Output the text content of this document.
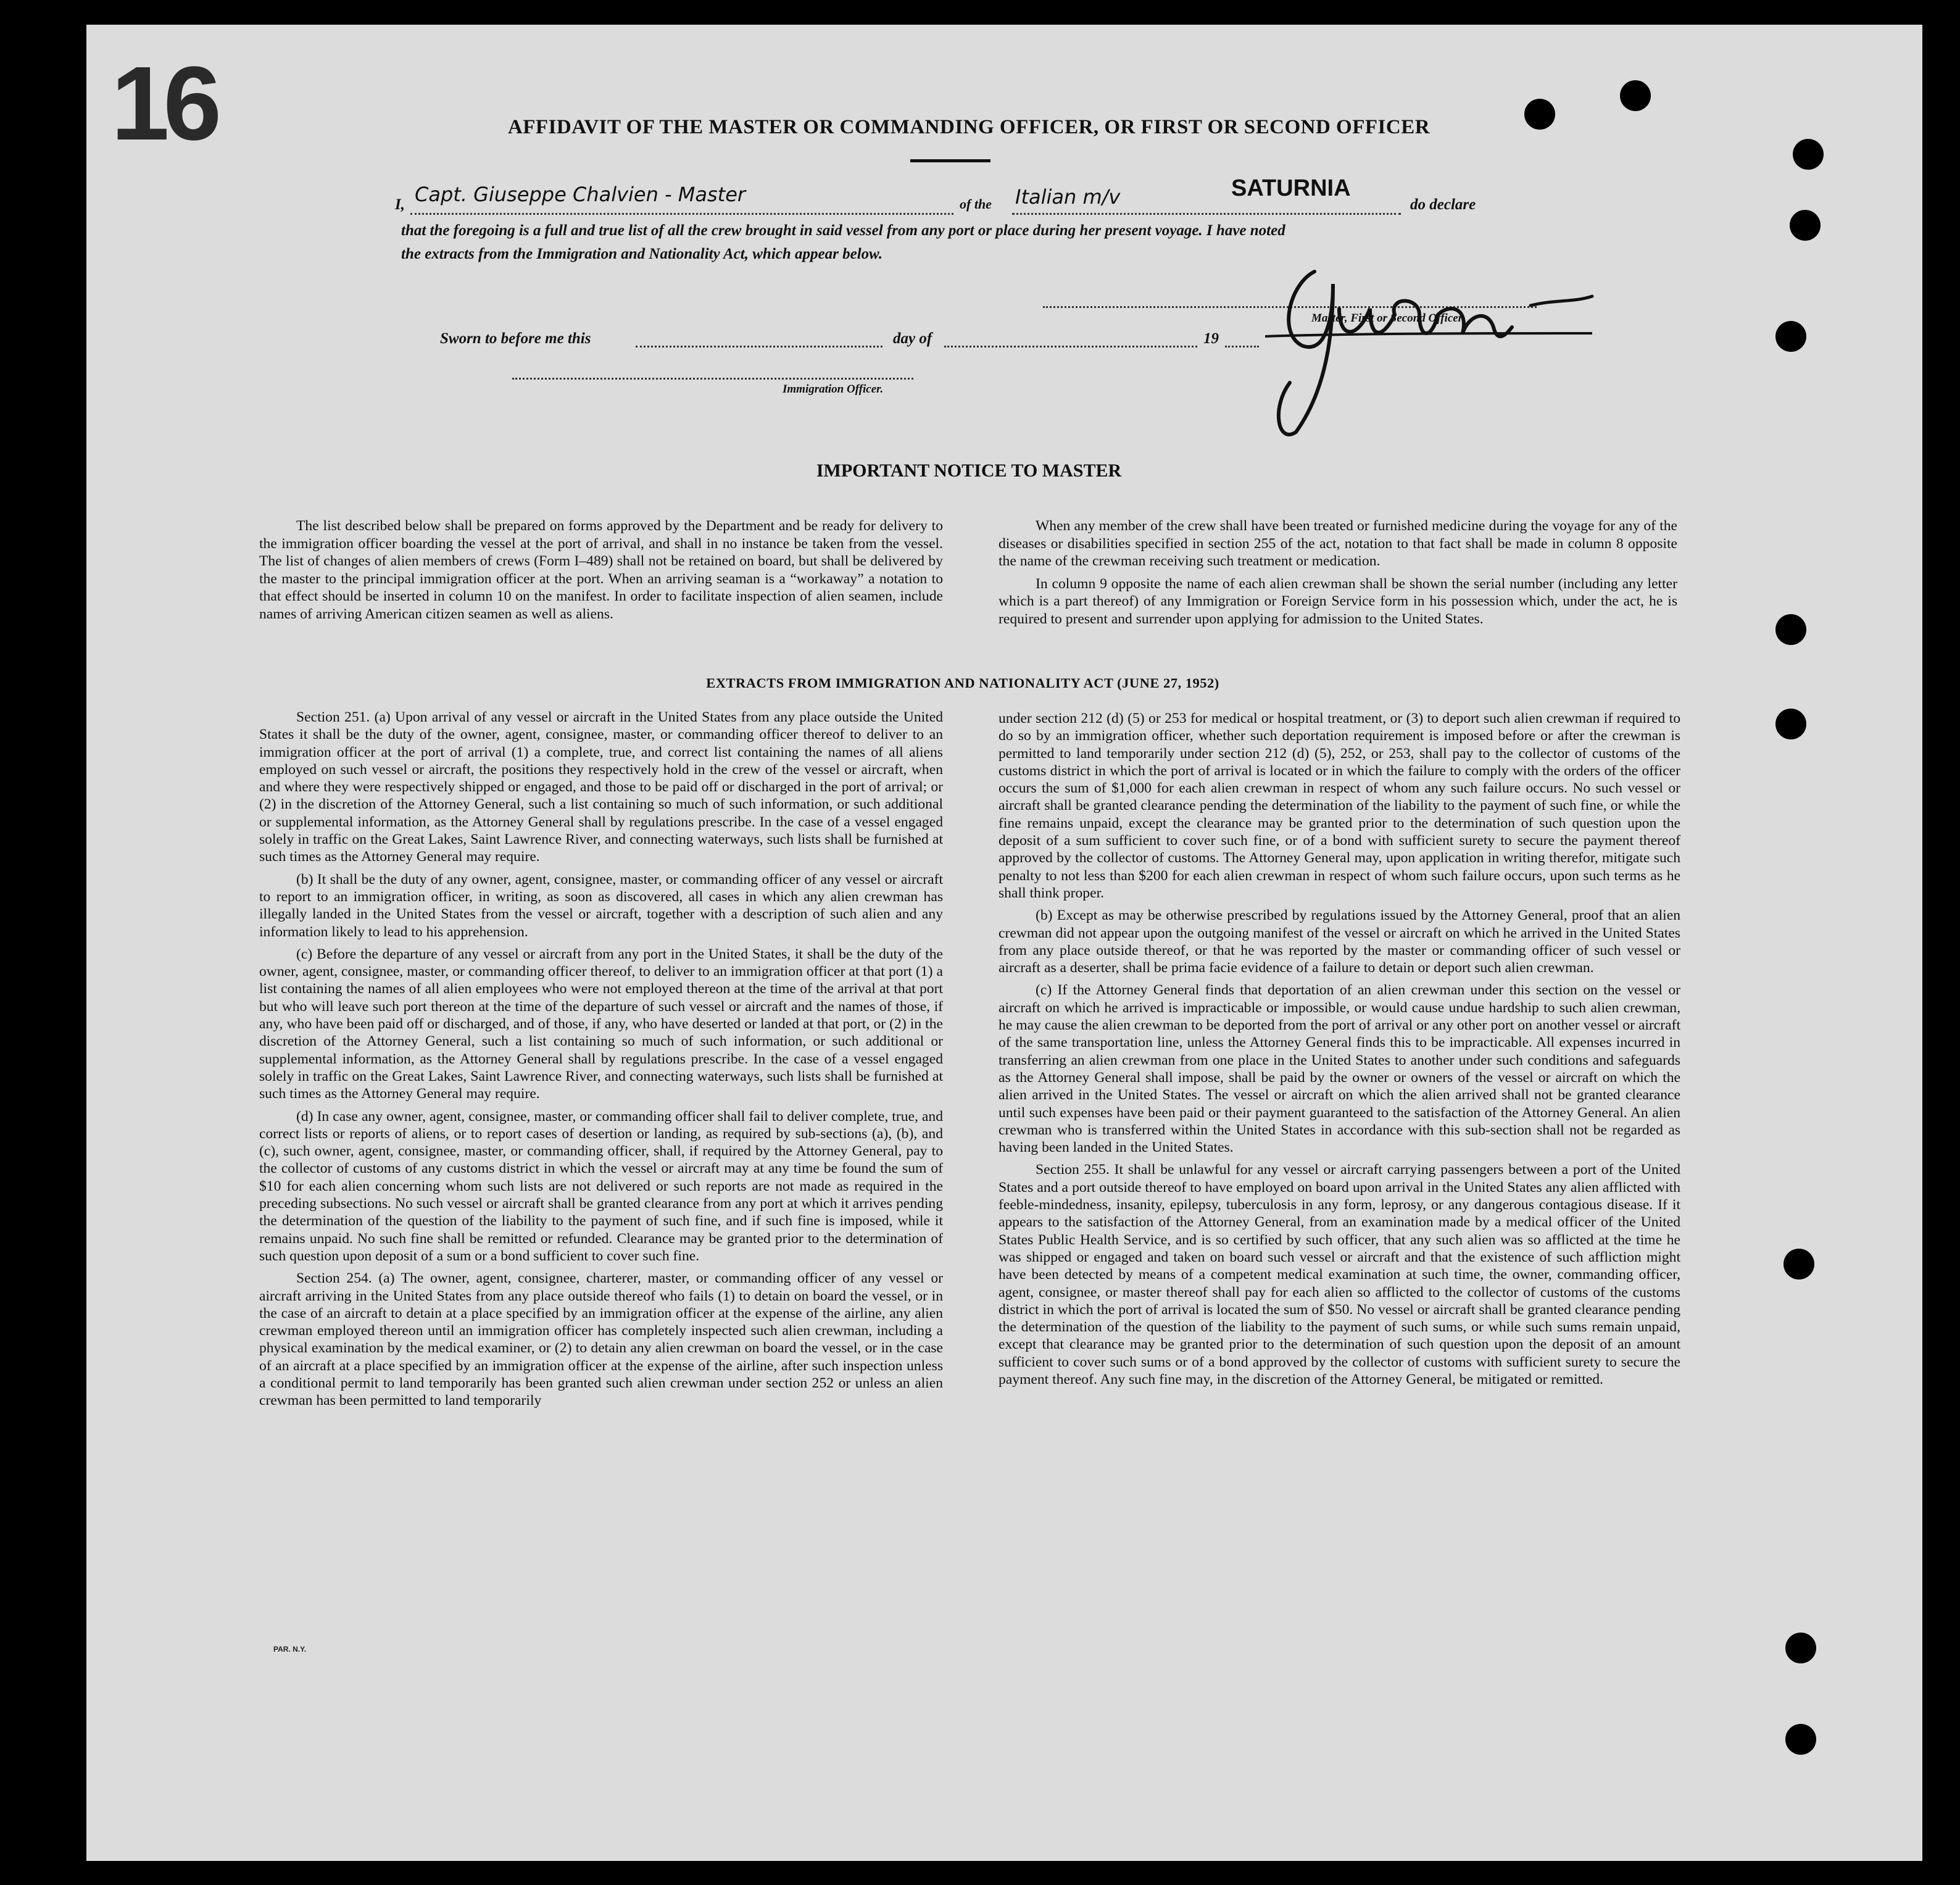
16	AFFIDAVIT OF THE MASTER OR COMMANDING OFFICER, OR FIRST OR SECOND OFFICER
I, Capt. Giuseppe Chalvien - Master	of the Italian m/v	SATURNIA
do declare
that the foregoing is a full and true list of all the crew brought in said vessel from any port or place during her present voyage. I have noted
the extracts from the Immigration and Nationality Act, which appear below.
Master, First or Second Officer.
Sworn to before me this	day of	19
Immigration Officer.
IMPORTANT NOTICE TO MASTER

The list described below shall be prepared on forms approved by the Department and be ready for delivery to the immigration officer boarding the vessel at the port of arrival, and shall in no instance be taken from the vessel. The list of changes of alien members of crews (Form I–489) shall not be retained on board, but shall be delivered by the master to the principal immigration officer at the port. When an arriving seaman is a “workaway” a notation to that effect should be inserted in column 10 on the manifest. In order to facilitate inspection of alien seamen, include names of arriving American citizen seamen as well as aliens.

When any member of the crew shall have been treated or furnished medicine during the voyage for any of the diseases or disabilities specified in section 255 of the act, notation to that fact shall be made in column 8 opposite the name of the crewman receiving such treatment or medication.

In column 9 opposite the name of each alien crewman shall be shown the serial number (including any letter which is a part thereof) of any Immigration or Foreign Service form in his possession which, under the act, he is required to present and surrender upon applying for admission to the United States.

EXTRACTS FROM IMMIGRATION AND NATIONALITY ACT (JUNE 27, 1952)

Section 251. (a) Upon arrival of any vessel or aircraft in the United States from any place outside the United States it shall be the duty of the owner, agent, consignee, master, or commanding officer thereof to deliver to an immigration officer at the port of arrival (1) a complete, true, and correct list containing the names of all aliens employed on such vessel or aircraft, the positions they respectively hold in the crew of the vessel or aircraft, when and where they were respectively shipped or engaged, and those to be paid off or discharged in the port of arrival; or (2) in the discretion of the Attorney General, such a list containing so much of such information, or such additional or supplemental information, as the Attorney General shall by regulations prescribe. In the case of a vessel engaged solely in traffic on the Great Lakes, Saint Lawrence River, and connecting waterways, such lists shall be furnished at such times as the Attorney General may require.

(b) It shall be the duty of any owner, agent, consignee, master, or commanding officer of any vessel or aircraft to report to an immigration officer, in writing, as soon as discovered, all cases in which any alien crewman has illegally landed in the United States from the vessel or aircraft, together with a description of such alien and any information likely to lead to his apprehension.

(c) Before the departure of any vessel or aircraft from any port in the United States, it shall be the duty of the owner, agent, consignee, master, or commanding officer thereof, to deliver to an immigration officer at that port (1) a list containing the names of all alien employees who were not employed thereon at the time of the arrival at that port but who will leave such port thereon at the time of the departure of such vessel or aircraft and the names of those, if any, who have been paid off or discharged, and of those, if any, who have deserted or landed at that port, or (2) in the discretion of the Attorney General, such a list containing so much of such information, or such additional or supplemental information, as the Attorney General shall by regulations prescribe. In the case of a vessel engaged solely in traffic on the Great Lakes, Saint Lawrence River, and connecting waterways, such lists shall be furnished at such times as the Attorney General may require.

(d) In case any owner, agent, consignee, master, or commanding officer shall fail to deliver complete, true, and correct lists or reports of aliens, or to report cases of desertion or landing, as required by sub-sections (a), (b), and (c), such owner, agent, consignee, master, or commanding officer, shall, if required by the Attorney General, pay to the collector of customs of any customs district in which the vessel or aircraft may at any time be found the sum of $10 for each alien concerning whom such lists are not delivered or such reports are not made as required in the preceding subsections. No such vessel or aircraft shall be granted clearance from any port at which it arrives pending the determination of the question of the liability to the payment of such fine, and if such fine is imposed, while it remains unpaid. No such fine shall be remitted or refunded. Clearance may be granted prior to the determination of such question upon deposit of a sum or a bond sufficient to cover such fine.

Section 254. (a) The owner, agent, consignee, charterer, master, or commanding officer of any vessel or aircraft arriving in the United States from any place outside thereof who fails (1) to detain on board the vessel, or in the case of an aircraft to detain at a place specified by an immigration officer at the expense of the airline, any alien crewman employed thereon until an immigration officer has completely inspected such alien crewman, including a physical examination by the medical examiner, or (2) to detain any alien crewman on board the vessel, or in the case of an aircraft at a place specified by an immigration officer at the expense of the airline, after such inspection unless a conditional permit to land temporarily has been granted such alien crewman under section 252 or unless an alien crewman has been permitted to land temporarily

under section 212 (d) (5) or 253 for medical or hospital treatment, or (3) to deport such alien crewman if required to do so by an immigration officer, whether such deportation requirement is imposed before or after the crewman is permitted to land temporarily under section 212 (d) (5), 252, or 253, shall pay to the collector of customs of the customs district in which the port of arrival is located or in which the failure to comply with the orders of the officer occurs the sum of $1,000 for each alien crewman in respect of whom any such failure occurs. No such vessel or aircraft shall be granted clearance pending the determination of the liability to the payment of such fine, or while the fine remains unpaid, except the clearance may be granted prior to the determination of such question upon the deposit of a sum sufficient to cover such fine, or of a bond with sufficient surety to secure the payment thereof approved by the collector of customs. The Attorney General may, upon application in writing therefor, mitigate such penalty to not less than $200 for each alien crewman in respect of whom such failure occurs, upon such terms as he shall think proper.

(b) Except as may be otherwise prescribed by regulations issued by the Attorney General, proof that an alien crewman did not appear upon the outgoing manifest of the vessel or aircraft on which he arrived in the United States from any place outside thereof, or that he was reported by the master or commanding officer of such vessel or aircraft as a deserter, shall be prima facie evidence of a failure to detain or deport such alien crewman.

(c) If the Attorney General finds that deportation of an alien crewman under this section on the vessel or aircraft on which he arrived is impracticable or impossible, or would cause undue hardship to such alien crewman, he may cause the alien crewman to be deported from the port of arrival or any other port on another vessel or aircraft of the same transportation line, unless the Attorney General finds this to be impracticable. All expenses incurred in transferring an alien crewman from one place in the United States to another under such conditions and safeguards as the Attorney General shall impose, shall be paid by the owner or owners of the vessel or aircraft on which the alien arrived in the United States. The vessel or aircraft on which the alien arrived shall not be granted clearance until such expenses have been paid or their payment guaranteed to the satisfaction of the Attorney General. An alien crewman who is transferred within the United States in accordance with this sub-section shall not be regarded as having been landed in the United States.

Section 255. It shall be unlawful for any vessel or aircraft carrying passengers between a port of the United States and a port outside thereof to have employed on board upon arrival in the United States any alien afflicted with feeble-mindedness, insanity, epilepsy, tuberculosis in any form, leprosy, or any dangerous contagious disease. If it appears to the satisfaction of the Attorney General, from an examination made by a medical officer of the United States Public Health Service, and is so certified by such officer, that any such alien was so afflicted at the time he was shipped or engaged and taken on board such vessel or aircraft and that the existence of such affliction might have been detected by means of a competent medical examination at such time, the owner, commanding officer, agent, consignee, or master thereof shall pay for each alien so afflicted to the collector of customs of the customs district in which the port of arrival is located the sum of $50. No vessel or aircraft shall be granted clearance pending the determination of the question of the liability to the payment of such sums, or while such sums remain unpaid, except that clearance may be granted prior to the determination of such question upon the deposit of an amount sufficient to cover such sums or of a bond approved by the collector of customs with sufficient surety to secure the payment thereof. Any such fine may, in the discretion of the Attorney General, be mitigated or remitted.

PAR. N.Y.
